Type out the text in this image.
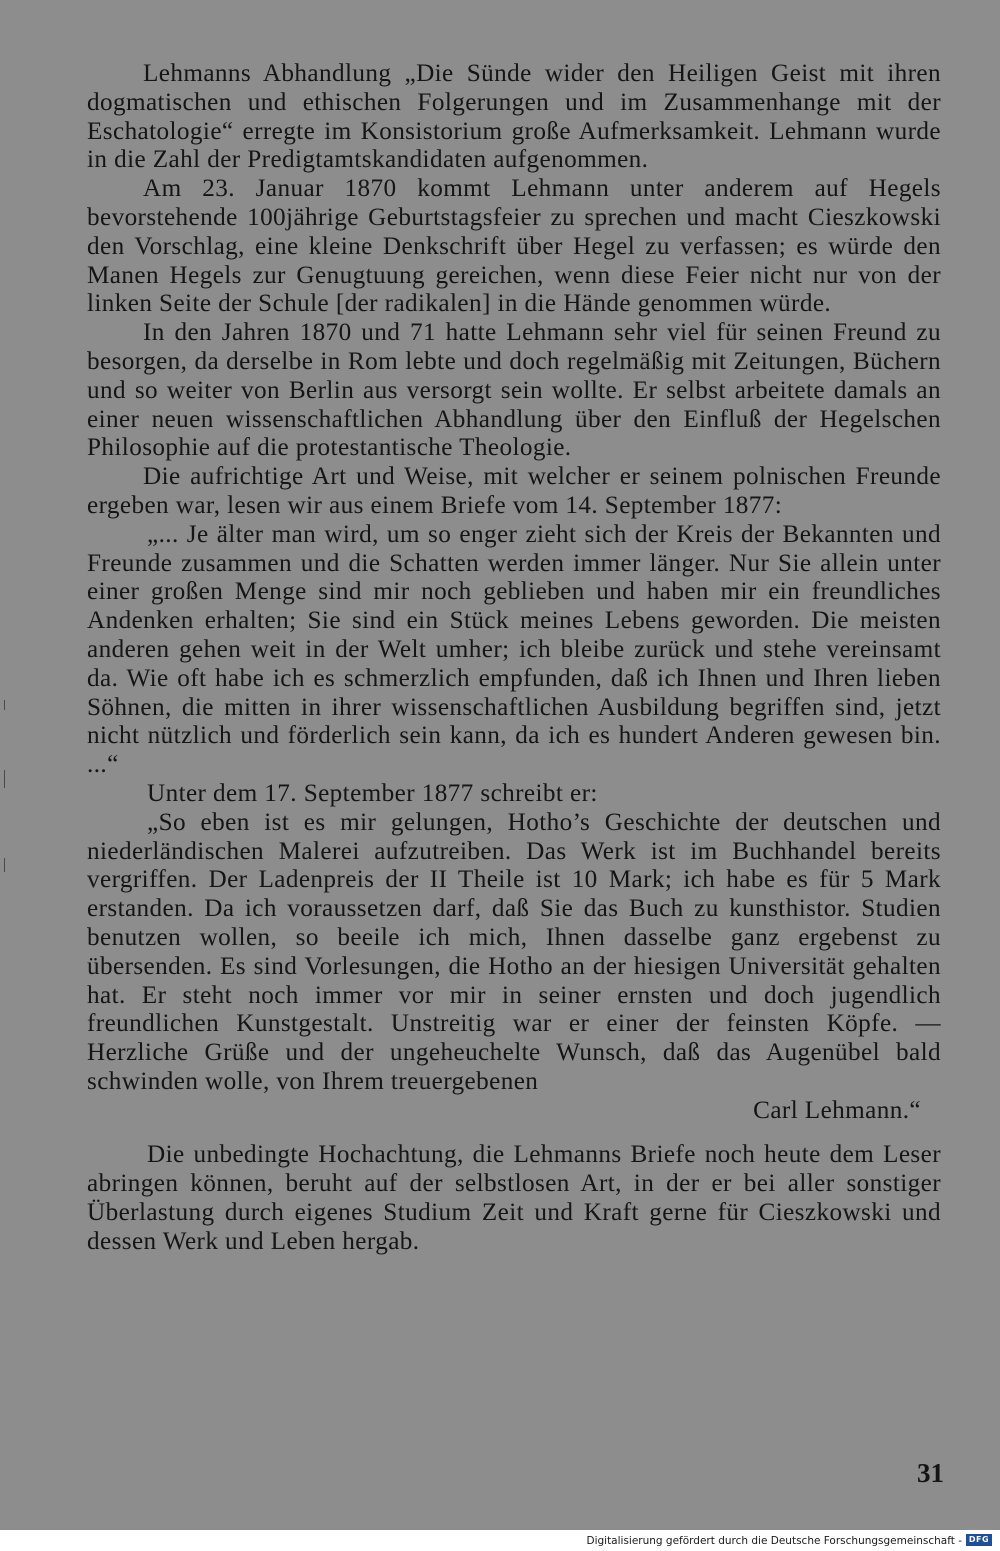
Lehmanns Abhandlung „Die Sünde wider den Heiligen Geist mit ihren dogmatischen und ethischen Folgerungen und im Zusammenhange mit der Eschatologie“ erregte im Konsistorium große Aufmerksamkeit. Lehmann wurde in die Zahl der Predigtamtskandidaten aufgenommen.

Am 23. Januar 1870 kommt Lehmann unter anderem auf Hegels bevorstehende 100jährige Geburtstagsfeier zu sprechen und macht Cieszkowski den Vorschlag, eine kleine Denkschrift über Hegel zu verfassen; es würde den Manen Hegels zur Genugtuung gereichen, wenn diese Feier nicht nur von der linken Seite der Schule [der radikalen] in die Hände genommen würde.

In den Jahren 1870 und 71 hatte Lehmann sehr viel für seinen Freund zu besorgen, da derselbe in Rom lebte und doch regelmäßig mit Zeitungen, Büchern und so weiter von Berlin aus versorgt sein wollte. Er selbst arbeitete damals an einer neuen wissenschaftlichen Abhandlung über den Einfluß der Hegelschen Philosophie auf die protestantische Theologie.

Die aufrichtige Art und Weise, mit welcher er seinem polnischen Freunde ergeben war, lesen wir aus einem Briefe vom 14. September 1877:

„... Je älter man wird, um so enger zieht sich der Kreis der Bekannten und Freunde zusammen und die Schatten werden immer länger. Nur Sie allein unter einer großen Menge sind mir noch geblieben und haben mir ein freundliches Andenken erhalten; Sie sind ein Stück meines Lebens geworden. Die meisten anderen gehen weit in der Welt umher; ich bleibe zurück und stehe vereinsamt da. Wie oft habe ich es schmerzlich empfunden, daß ich Ihnen und Ihren lieben Söhnen, die mitten in ihrer wissenschaftlichen Ausbildung begriffen sind, jetzt nicht nützlich und förderlich sein kann, da ich es hundert Anderen gewesen bin. ...“

Unter dem 17. September 1877 schreibt er:

„So eben ist es mir gelungen, Hotho’s Geschichte der deutschen und niederländischen Malerei aufzutreiben. Das Werk ist im Buchhandel bereits vergriffen. Der Ladenpreis der II Theile ist 10 Mark; ich habe es für 5 Mark erstanden. Da ich voraussetzen darf, daß Sie das Buch zu kunsthistor. Studien benutzen wollen, so beeile ich mich, Ihnen dasselbe ganz ergebenst zu übersenden. Es sind Vorlesungen, die Hotho an der hiesigen Universität gehalten hat. Er steht noch immer vor mir in seiner ernsten und doch jugendlich freundlichen Kunstgestalt. Unstreitig war er einer der feinsten Köpfe. — Herzliche Grüße und der ungeheuchelte Wunsch, daß das Augenübel bald schwinden wolle, von Ihrem treuergebenen

Carl Lehmann.“

Die unbedingte Hochachtung, die Lehmanns Briefe noch heute dem Leser abringen können, beruht auf der selbstlosen Art, in der er bei aller sonstiger Überlastung durch eigenes Studium Zeit und Kraft gerne für Cieszkowski und dessen Werk und Leben hergab.

31
Digitalisierung gefördert durch die Deutsche Forschungsgemeinschaft - DFG
